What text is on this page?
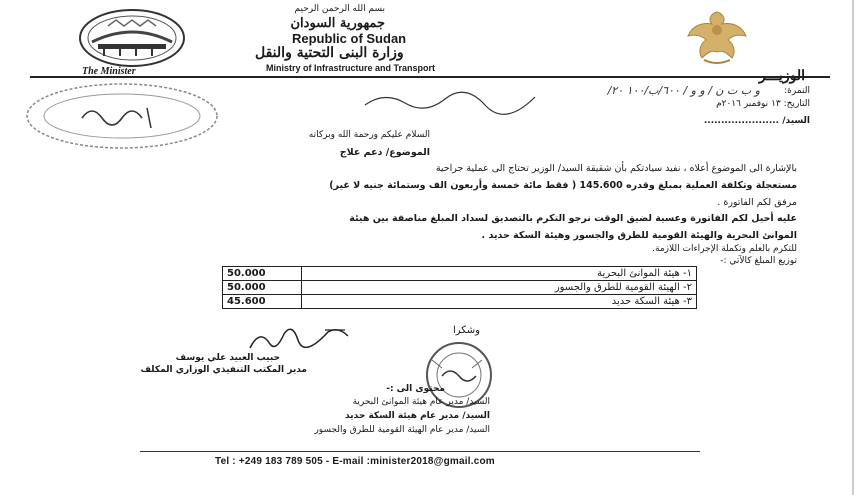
بسم الله الرحمن الرحيم
جمهورية السودان
Republic of Sudan
وزارة البنى التحتية والنقل
Ministry of Infrastructure and Transport
The Minister	الوزيـــر
النمرة:
و ب ت ن / و و / ٦٠٠/ب/١٠٠ ٢٠/
التاريخ: ١٣ نوفمبر ٢٠١٦م
السيد/ ......................
السلام عليكم ورحمة الله وبركاته
الموضوع/ دعم علاج
بالإشارة الى الموضوع أعلاه ، نفيد سيادتكم بأن شقيقة السيد/ الوزير تحتاج الى عملية جراحية
مستعجلة وتكلفة العملية بمبلغ وقدره 145.600 ( فقط مائة خمسة وأربعون الف وستمائة جنيه لا غير)
مرفق لكم الفاتورة .
عليه أحيل لكم الفاتورة وعسية لضيق الوقت نرجو التكرم بالتصديق لسداد المبلغ مناصفة بين هيئة
الموانئ البحرية والهيئة القومية للطرق والجسور وهيئة السكة حديد .
للتكرم بالعلم وتكملة الإجراءات اللازمة.
توزيع المبلغ كالآتي :-
50.000	١- هيئة الموانئ البحرية
50.000	٢- الهيئة القومية للطرق والجسور
45.600	٣- هيئة السكة حديد
وشكرا
حبيب العبيد علي يوسف
مدير المكتب التنفيذي الوزاري المكلف
محتوى الى :-
السيد/ مدير عام هيئة الموانئ البحرية
السيد/ مدير عام هيئة السكة حديد
السيد/ مدير عام الهيئة القومية للطرق والجسور
Tel : +249 183 789 505 - E-mail :minister2018@gmail.com
